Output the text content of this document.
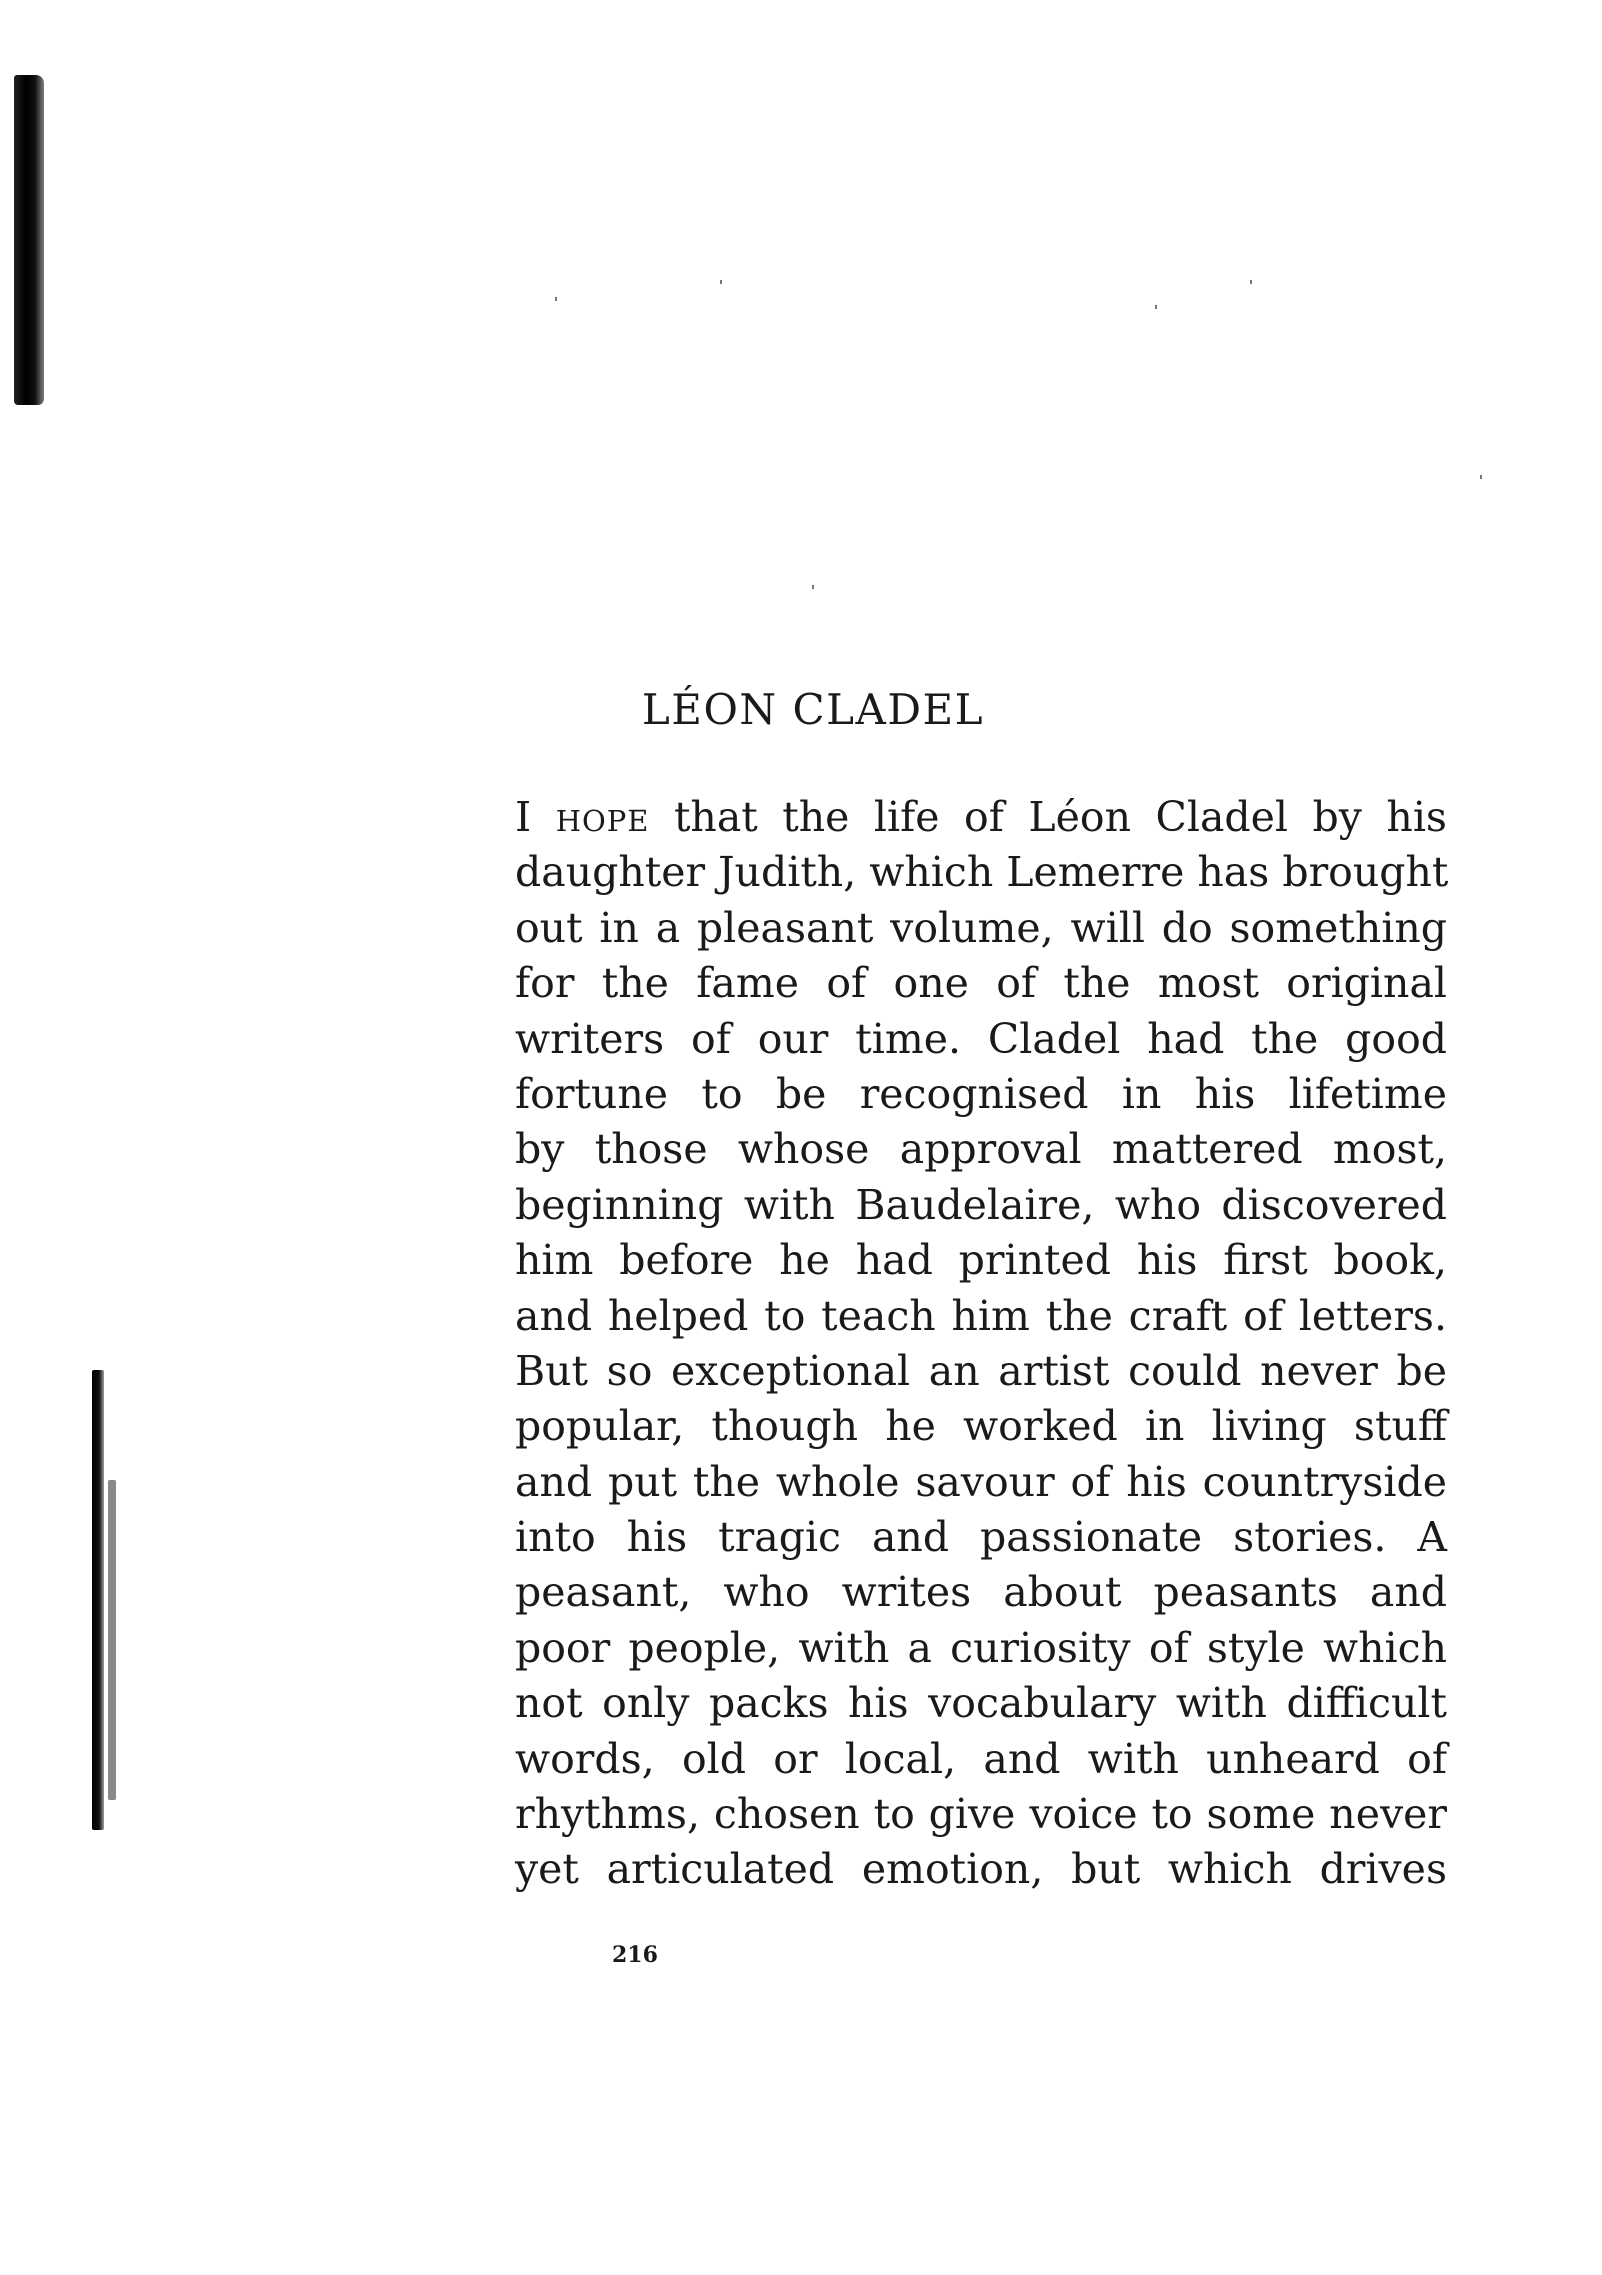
LÉON CLADEL
I hope that the life of Léon Cladel by his
daughter Judith, which Lemerre has brought
out in a pleasant volume, will do something
for the fame of one of the most original
writers of our time. Cladel had the good
fortune to be recognised in his lifetime
by those whose approval mattered most,
beginning with Baudelaire, who discovered
him before he had printed his first book,
and helped to teach him the craft of letters.
But so exceptional an artist could never be
popular, though he worked in living stuff
and put the whole savour of his countryside
into his tragic and passionate stories. A
peasant, who writes about peasants and
poor people, with a curiosity of style which
not only packs his vocabulary with difficult
words, old or local, and with unheard of
rhythms, chosen to give voice to some never
yet articulated emotion, but which drives
216
